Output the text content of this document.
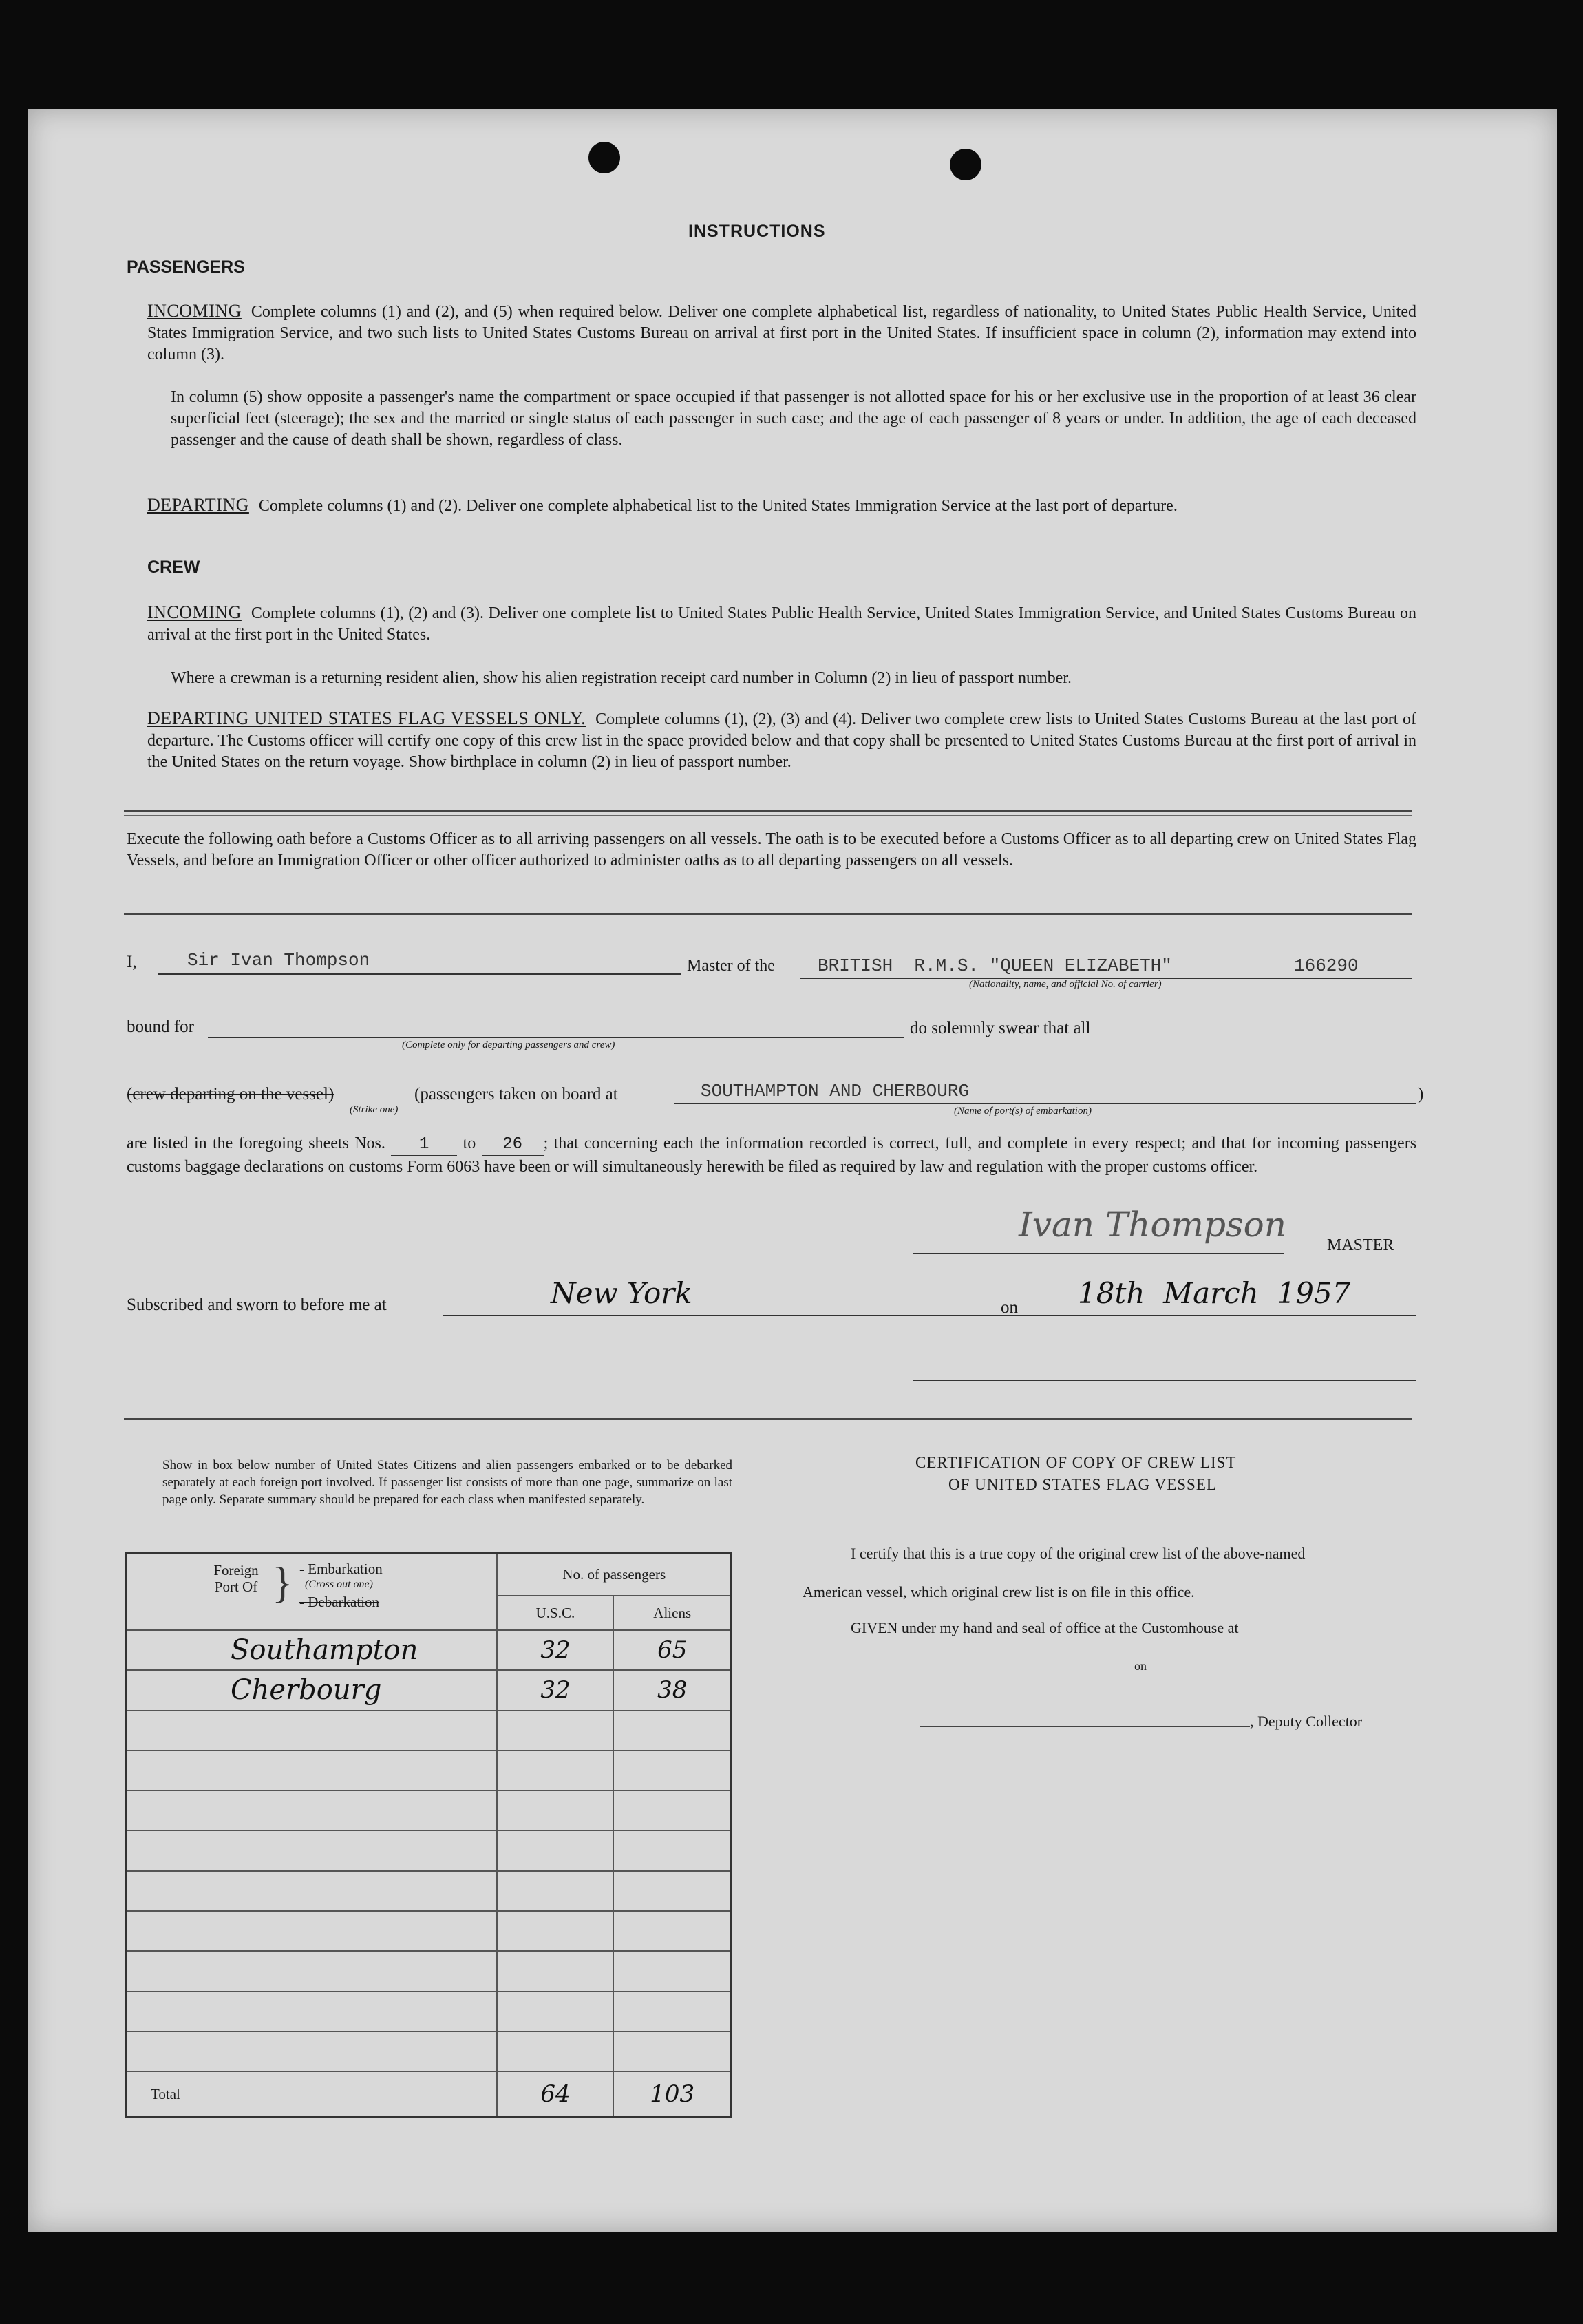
INSTRUCTIONS
PASSENGERS
INCOMING Complete columns (1) and (2), and (5) when required below. Deliver one complete alphabetical list, regardless of nationality, to United States Public Health Service, United States Immigration Service, and two such lists to United States Customs Bureau on arrival at first port in the United States. If insufficient space in column (2), information may extend into column (3).
In column (5) show opposite a passenger's name the compartment or space occupied if that passenger is not allotted space for his or her exclusive use in the proportion of at least 36 clear superficial feet (steerage); the sex and the married or single status of each passenger in such case; and the age of each passenger of 8 years or under. In addition, the age of each deceased passenger and the cause of death shall be shown, regardless of class.
DEPARTING Complete columns (1) and (2). Deliver one complete alphabetical list to the United States Immigration Service at the last port of departure.
CREW
INCOMING Complete columns (1), (2) and (3). Deliver one complete list to United States Public Health Service, United States Immigration Service, and United States Customs Bureau on arrival at the first port in the United States.
Where a crewman is a returning resident alien, show his alien registration receipt card number in Column (2) in lieu of passport number.
DEPARTING UNITED STATES FLAG VESSELS ONLY. Complete columns (1), (2), (3) and (4). Deliver two complete crew lists to United States Customs Bureau at the last port of departure. The Customs officer will certify one copy of this crew list in the space provided below and that copy shall be presented to United States Customs Bureau at the first port of arrival in the United States on the return voyage. Show birthplace in column (2) in lieu of passport number.
Execute the following oath before a Customs Officer as to all arriving passengers on all vessels. The oath is to be executed before a Customs Officer as to all departing crew on United States Flag Vessels, and before an Immigration Officer or other officer authorized to administer oaths as to all departing passengers on all vessels.
I,	Sir Ivan Thompson	Master of the BRITISH  R.M.S. "QUEEN ELIZABETH"	166290
(Nationality, name, and official No. of carrier)
bound for
(Complete only for departing passengers and crew)
do solemnly swear that all
(crew departing on the vessel)
(Strike one)
(passengers taken on board at	SOUTHAMPTON AND CHERBOURG
(Name of port(s) of embarkation)
)
are listed in the foregoing sheets Nos. 1 to 26 ; that concerning each the information recorded is correct, full, and complete in every respect; and that for incoming passengers customs baggage declarations on customs Form 6063 have been or will simultaneously herewith be filed as required by law and regulation with the proper customs officer.
Ivan Thompson
MASTER
Subscribed and sworn to before me at	New York	on 18th  March  1957
Show in box below number of United States Citizens and alien passengers embarked or to be debarked separately at each foreign port involved. If passenger list consists of more than one page, summarize on last page only. Separate summary should be prepared for each class when manifested separately.
Foreign Port Of } - Embarkation
(Cross out one)
- Debarkation	No. of passengers	
	U.S.C.	Aliens
Southampton	32	65
Cherbourg	32	38

Total	64	103
CERTIFICATION OF COPY OF CREW LIST
OF UNITED STATES FLAG VESSEL
I certify that this is a true copy of the original crew list of the above-named
American vessel, which original crew list is on file in this office.
GIVEN under my hand and seal of office at the Customhouse at
on
, Deputy Collector
